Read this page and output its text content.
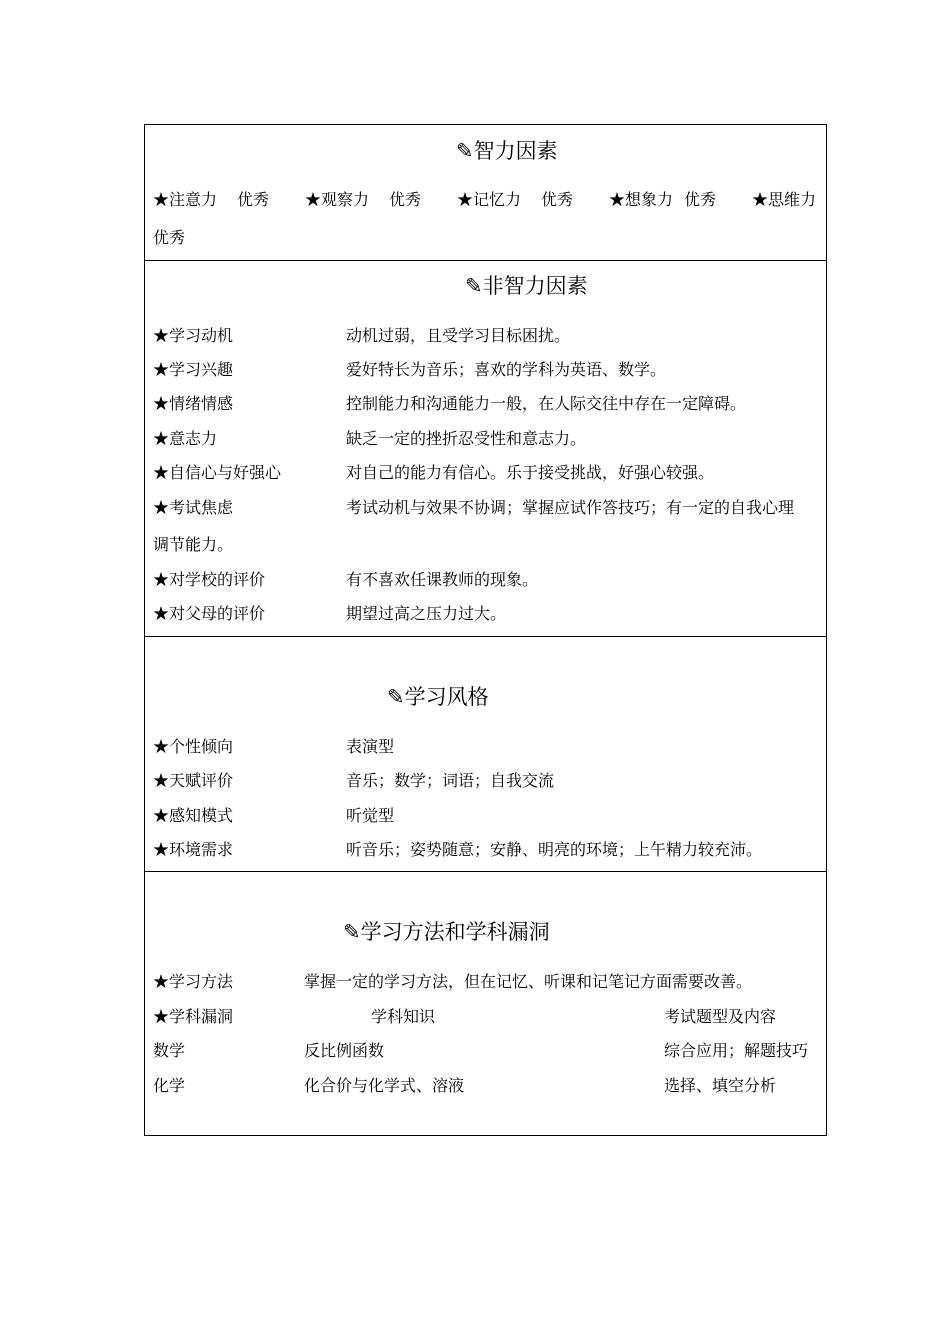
✎智力因素
★注意力 优秀 ★观察力 优秀 ★记忆力 优秀 ★想象力 优秀 ★思维力
优秀
✎非智力因素
★学习动机	动机过弱，且受学习目标困扰。
★学习兴趣	爱好特长为音乐；喜欢的学科为英语、数学。
★情绪情感	控制能力和沟通能力一般，在人际交往中存在一定障碍。
★意志力	缺乏一定的挫折忍受性和意志力。
★自信心与好强心	对自己的能力有信心。乐于接受挑战，好强心较强。
★考试焦虑	考试动机与效果不协调；掌握应试作答技巧；有一定的自我心理
调节能力。
★对学校的评价	有不喜欢任课教师的现象。
★对父母的评价	期望过高之压力过大。
✎学习风格
★个性倾向	表演型
★天赋评价	音乐；数学；词语；自我交流
★感知模式	听觉型
★环境需求	听音乐；姿势随意；安静、明亮的环境；上午精力较充沛。
✎学习方法和学科漏洞
★学习方法	掌握一定的学习方法，但在记忆、听课和记笔记方面需要改善。
★学科漏洞	学科知识	考试题型及内容
数学	反比例函数	综合应用；解题技巧
化学	化合价与化学式、溶液	选择、填空分析
